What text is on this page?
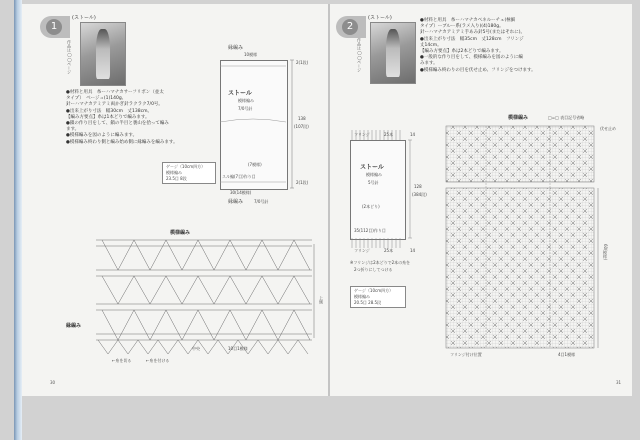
1
(ストール)
作品は◯◯ページ
●材料と用具　糸ーハマナカサーフリボン（並太
タイプ）　ベージュ(1)140g、
針ーハマナカアミアミ両かぎ針ラクラク7/0号。
●出来上がり寸法　幅30cm　丈138cm。
【編み方要点】糸は1本どりで編みます。
●鎖の作り目をして、鎖の半目と裏山を拾って編み
ます。
●模様編みを図のように編みます。
●模様編み終わり側と編み始め側に縁編みを編みます。
縁編み
10模様
ストール
模様編み
7/0号針
(7模様)
スル編(7目)作り目
2(1段)
138
(107段)
2(1段)
30(14模様)
縁編み	7/0号針
ゲージ（10cm四方）
模様編み
23.5目 8段
模様編み
縁編み
上側
中央	10目1模様
←糸を切る	←糸を付ける
30
2
(ストール)
作品は◯◯ページ
●材料と用具　糸ーハマナカベネルーチェ(極細
タイプ）ーブルー系(ラメ入り)(4)180g。
針ーハマナカアミアミ手あみ針5号(またはそれに)。
●出来上がり寸法　幅35cm　丈128cm　フリンジ
丈14cm。
【編み方要点】糸は2本どりで編みます。
●一般的な作り目をして、模様編みを図のように編
みます。
●模様編み終わりの目を伏せ止め、フリンジをつけます。
フリンジ	25本	14
ストール
模様編み
5号針
(2本どり)
35(112目)作り目
128
(384段)
フリンジ	25本	14
※フリンジは2本どりで2本の糸を
2つ折りにしてつける
ゲージ（10cm四方）
模様編み
20.5目 28.5段
模様編み	□=□ 表目記号省略
伏せ止め
60(模様)
フリンジ付け位置	4目1模様
31
